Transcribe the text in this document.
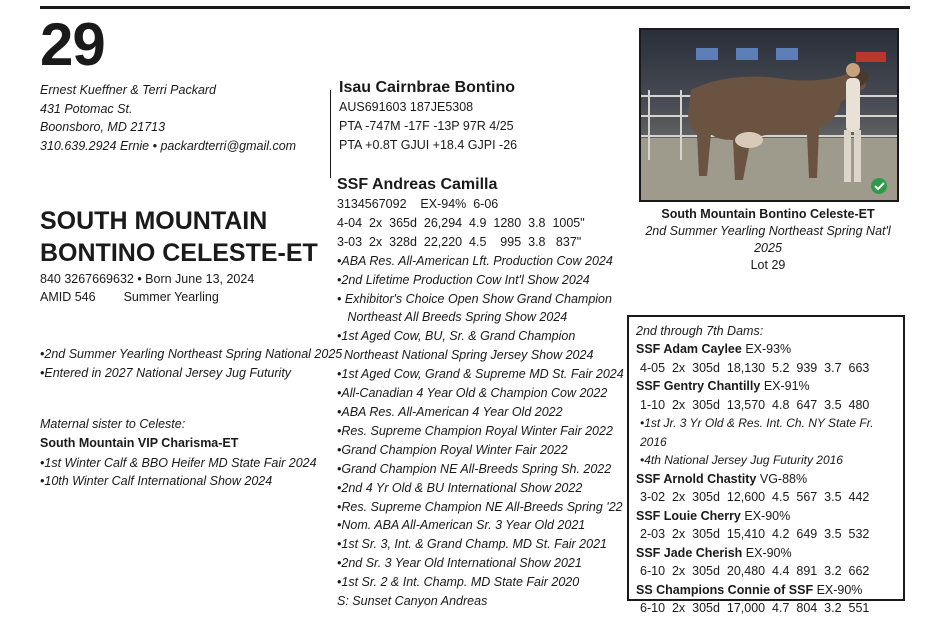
29
Ernest Kueffner & Terri Packard
431 Potomac St.
Boonsboro, MD 21713
310.639.2924 Ernie • packardterri@gmail.com
SOUTH MOUNTAIN
BONTINO CELESTE-ET
840 3267669632 • Born June 13, 2024
AMID 546 Summer Yearling
•2nd Summer Yearling Northeast Spring National 2025
•Entered in 2027 National Jersey Jug Futurity
Maternal sister to Celeste:
South Mountain VIP Charisma-ET
•1st Winter Calf & BBO Heifer MD State Fair 2024
•10th Winter Calf International Show 2024
Isau Cairnbrae Bontino
AUS691603 187JE5308
PTA -747M -17F -13P 97R 4/25
PTA +0.8T GJUI +18.4 GJPI -26
SSF Andreas Camilla
3134567092    EX-94%  6-06
4-04  2x  365d  26,294  4.9  1280  3.8  1005"
3-03  2x  328d  22,220  4.5    995  3.8   837"
•ABA Res. All-American Lft. Production Cow 2024
•2nd Lifetime Production Cow Int'l Show 2024
• Exhibitor's Choice Open Show Grand Champion
Northeast All Breeds Spring Show 2024
•1st Aged Cow, BU, Sr. & Grand Champion
Northeast National Spring Jersey Show 2024
•1st Aged Cow, Grand & Supreme MD St. Fair 2024
•All-Canadian 4 Year Old & Champion Cow 2022
•ABA Res. All-American 4 Year Old 2022
•Res. Supreme Champion Royal Winter Fair 2022
•Grand Champion Royal Winter Fair 2022
•Grand Champion NE All-Breeds Spring Sh. 2022
•2nd 4 Yr Old & BU International Show 2022
•Res. Supreme Champion NE All-Breeds Spring '22
•Nom. ABA All-American Sr. 3 Year Old 2021
•1st Sr. 3, Int. & Grand Champ. MD St. Fair 2021
•2nd Sr. 3 Year Old International Show 2021
•1st Sr. 2 & Int. Champ. MD State Fair 2020
S: Sunset Canyon Andreas
South Mountain Bontino Celeste-ET
2nd Summer Yearling Northeast Spring Nat'l 2025
Lot 29
2nd through 7th Dams:
SSF Adam Caylee EX-93%
4-05  2x  305d  18,130  5.2  939  3.7  663
SSF Gentry Chantilly EX-91%
1-10  2x  305d  13,570  4.8  647  3.5  480
•1st Jr. 3 Yr Old & Res. Int. Ch. NY State Fr. 2016
•4th National Jersey Jug Futurity 2016
SSF Arnold Chastity VG-88%
3-02  2x  305d  12,600  4.5  567  3.5  442
SSF Louie Cherry EX-90%
2-03  2x  305d  15,410  4.2  649  3.5  532
SSF Jade Cherish EX-90%
6-10  2x  305d  20,480  4.4  891  3.2  662
SS Champions Connie of SSF EX-90%
6-10  2x  305d  17,000  4.7  804  3.2  551
